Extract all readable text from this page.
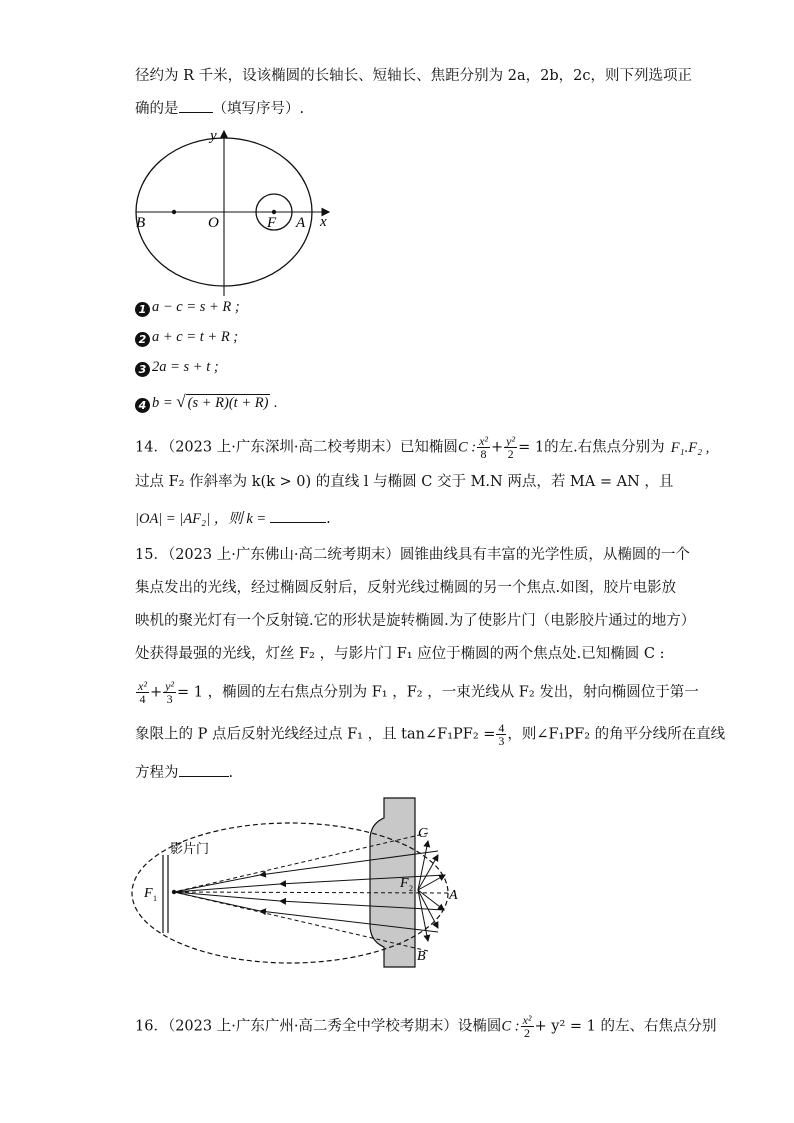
径约为 R 千米，设该椭圆的长轴长、短轴长、焦距分别为 2a，2b，2c，则下列选项正
确的是 （填写序号）.
y
x
B	O	F A
1 a − c = s + R ;
2 a + c = t + R ;
3 2a = s + t ;
4 b = √ (s + R)(t + R) .
14．（2023 上·广东深圳·高二校考期末）已知椭圆C : $\frac{\text{x²}}{8} + \frac{\text{y²}}{2} = 1$的左.右焦点分别为 F₁.F₂ ,
过点 F₂ 作斜率为 k(k > 0) 的直线 l 与椭圆 C 交于 M.N 两点，若 MA = AN ，且
|OA| = |AF₂| ，则 k =	.
15．（2023 上·广东佛山·高二统考期末）圆锥曲线具有丰富的光学性质，从椭圆的一个
集点发出的光线，经过椭圆反射后，反射光线过椭圆的另一个焦点.如图，胶片电影放
映机的聚光灯有一个反射镜.它的形状是旋转椭圆.为了使影片门（电影胶片通过的地方）
处获得最强的光线，灯丝 F₂ ，与影片门 F₁ 应位于椭圆的两个焦点处.已知椭圆 C :
$\frac{\text{x²}}{4} + \frac{\text{y²}}{3} = 1$ ，椭圆的左右焦点分别为 F₁ ，F₂ ，一束光线从 F₂ 发出，射向椭圆位于第一
象限上的 P 点后反射光线经过点 F₁ ，且 tan∠F₁PF₂ = $\frac{4}{3}$ ，则∠F₁PF₂ 的角平分线所在直线
方程为	.
影片门
C
B
A
F 1
F 2
16．（2023 上·广东广州·高二秀全中学校考期末）设椭圆C : $\frac{\text{x²}}{2} + y^2 = 1$ 的左、右焦点分别
